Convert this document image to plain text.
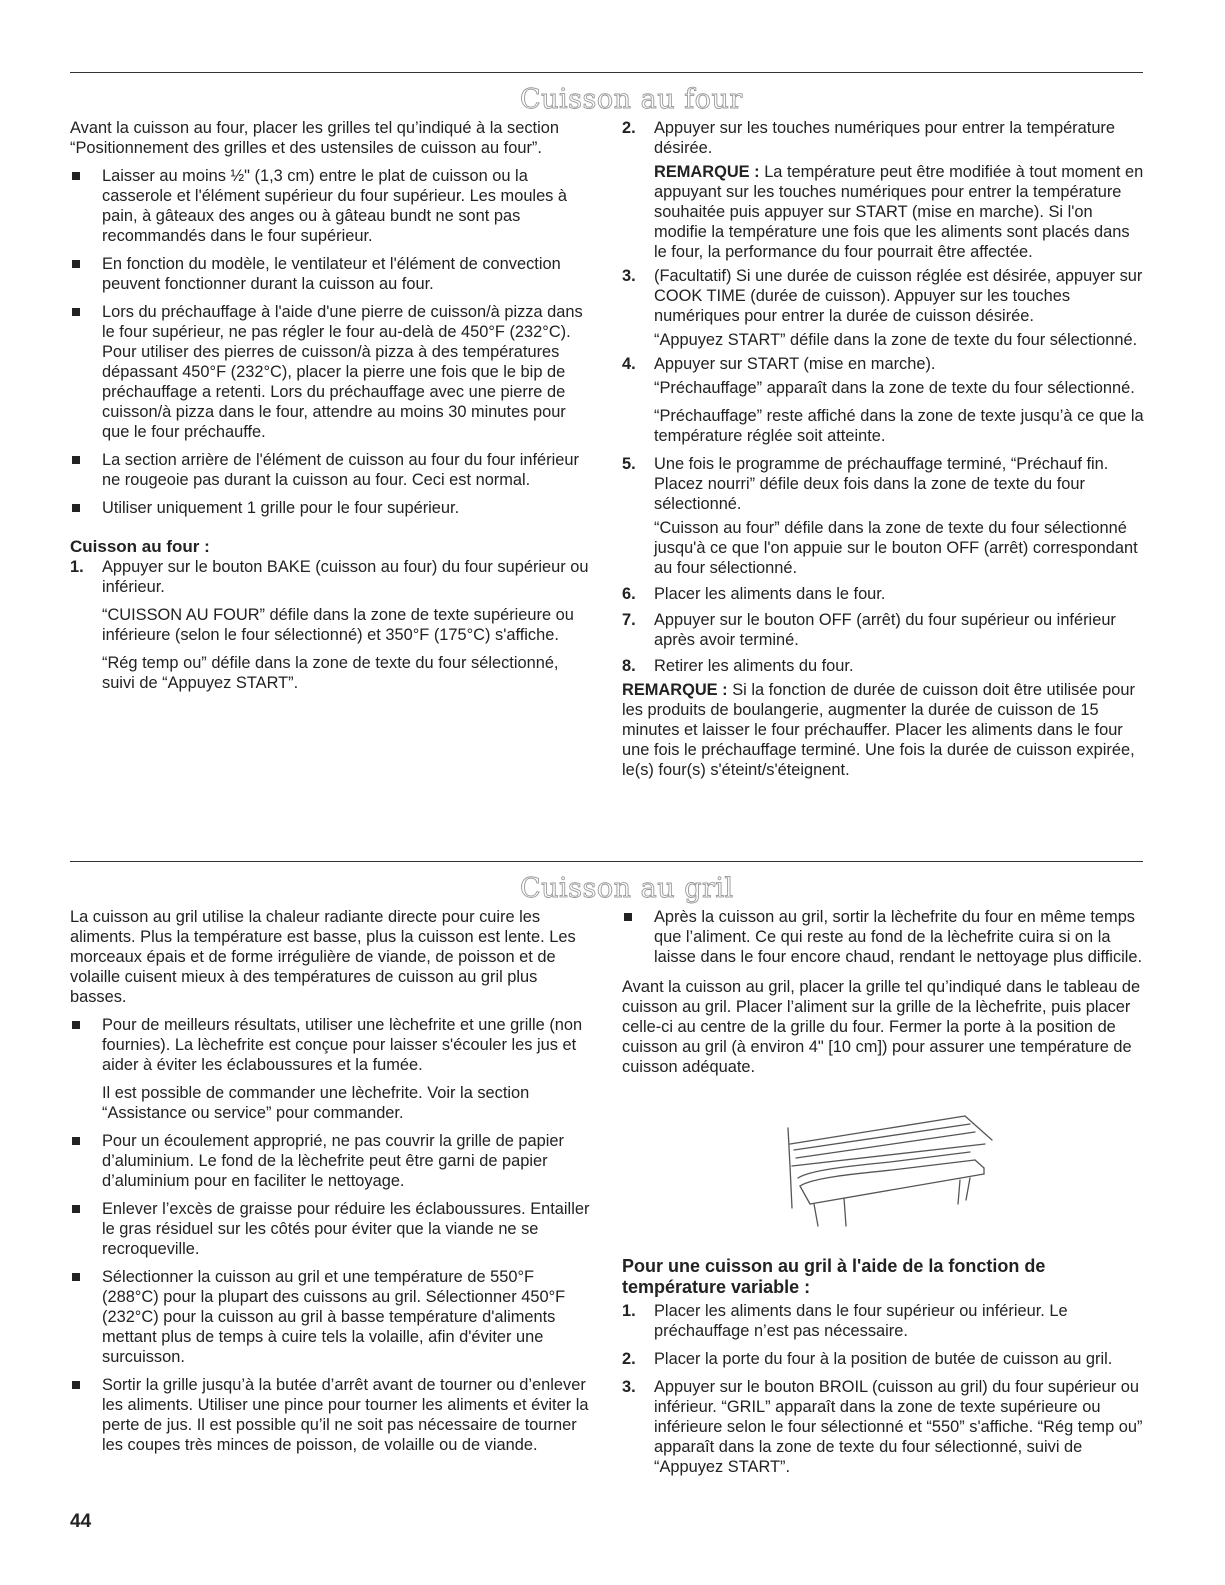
Cuisson au four

Avant la cuisson au four, placer les grilles tel qu’indiqué à la section “Positionnement des grilles et des ustensiles de cuisson au four”.

Laisser au moins ½" (1,3 cm) entre le plat de cuisson ou la casserole et l'élément supérieur du four supérieur. Les moules à pain, à gâteaux des anges ou à gâteau bundt ne sont pas recommandés dans le four supérieur.
En fonction du modèle, le ventilateur et l'élément de convection peuvent fonctionner durant la cuisson au four.
Lors du préchauffage à l'aide d'une pierre de cuisson/à pizza dans le four supérieur, ne pas régler le four au-delà de 450°F (232°C). Pour utiliser des pierres de cuisson/à pizza à des températures dépassant 450°F (232°C), placer la pierre une fois que le bip de préchauffage a retenti. Lors du préchauffage avec une pierre de cuisson/à pizza dans le four, attendre au moins 30 minutes pour que le four préchauffe.
La section arrière de l'élément de cuisson au four du four inférieur ne rougeoie pas durant la cuisson au four. Ceci est normal.
Utiliser uniquement 1 grille pour le four supérieur.
Cuisson au four :
1. Appuyer sur le bouton BAKE (cuisson au four) du four supérieur ou inférieur.

“CUISSON AU FOUR” défile dans la zone de texte supérieure ou inférieure (selon le four sélectionné) et 350°F (175°C) s'affiche.

“Rég temp ou” défile dans la zone de texte du four sélectionné, suivi de “Appuyez START”.

2. Appuyer sur les touches numériques pour entrer la température désirée.

REMARQUE : La température peut être modifiée à tout moment en appuyant sur les touches numériques pour entrer la température souhaitée puis appuyer sur START (mise en marche). Si l'on modifie la température une fois que les aliments sont placés dans le four, la performance du four pourrait être affectée.

3. (Facultatif) Si une durée de cuisson réglée est désirée, appuyer sur COOK TIME (durée de cuisson). Appuyer sur les touches numériques pour entrer la durée de cuisson désirée.

“Appuyez START” défile dans la zone de texte du four sélectionné.

4. Appuyer sur START (mise en marche).

“Préchauffage” apparaît dans la zone de texte du four sélectionné.

“Préchauffage” reste affiché dans la zone de texte jusqu’à ce que la température réglée soit atteinte.

5. Une fois le programme de préchauffage terminé, “Préchauf fin. Placez nourri” défile deux fois dans la zone de texte du four sélectionné.

“Cuisson au four” défile dans la zone de texte du four sélectionné jusqu'à ce que l'on appuie sur le bouton OFF (arrêt) correspondant au four sélectionné.

6. Placer les aliments dans le four.
7. Appuyer sur le bouton OFF (arrêt) du four supérieur ou inférieur après avoir terminé.
8. Retirer les aliments du four.

REMARQUE : Si la fonction de durée de cuisson doit être utilisée pour les produits de boulangerie, augmenter la durée de cuisson de 15 minutes et laisser le four préchauffer. Placer les aliments dans le four une fois le préchauffage terminé. Une fois la durée de cuisson expirée, le(s) four(s) s'éteint/s'éteignent.

Cuisson au gril

La cuisson au gril utilise la chaleur radiante directe pour cuire les aliments. Plus la température est basse, plus la cuisson est lente. Les morceaux épais et de forme irrégulière de viande, de poisson et de volaille cuisent mieux à des températures de cuisson au gril plus basses.

Pour de meilleurs résultats, utiliser une lèchefrite et une grille (non fournies). La lèchefrite est conçue pour laisser s'écouler les jus et aider à éviter les éclaboussures et la fumée.

Il est possible de commander une lèchefrite. Voir la section “Assistance ou service” pour commander.

Pour un écoulement approprié, ne pas couvrir la grille de papier d’aluminium. Le fond de la lèchefrite peut être garni de papier d’aluminium pour en faciliter le nettoyage.
Enlever l’excès de graisse pour réduire les éclaboussures. Entailler le gras résiduel sur les côtés pour éviter que la viande ne se recroqueville.
Sélectionner la cuisson au gril et une température de 550°F (288°C) pour la plupart des cuissons au gril. Sélectionner 450°F (232°C) pour la cuisson au gril à basse température d'aliments mettant plus de temps à cuire tels la volaille, afin d'éviter une surcuisson.
Sortir la grille jusqu’à la butée d’arrêt avant de tourner ou d’enlever les aliments. Utiliser une pince pour tourner les aliments et éviter la perte de jus. Il est possible qu’il ne soit pas nécessaire de tourner les coupes très minces de poisson, de volaille ou de viande.
Après la cuisson au gril, sortir la lèchefrite du four en même temps que l’aliment. Ce qui reste au fond de la lèchefrite cuira si on la laisse dans le four encore chaud, rendant le nettoyage plus difficile.

Avant la cuisson au gril, placer la grille tel qu’indiqué dans le tableau de cuisson au gril. Placer l’aliment sur la grille de la lèchefrite, puis placer celle-ci au centre de la grille du four. Fermer la porte à la position de cuisson au gril (à environ 4" [10 cm]) pour assurer une température de cuisson adéquate.

Pour une cuisson au gril à l'aide de la fonction de température variable :
1. Placer les aliments dans le four supérieur ou inférieur. Le préchauffage n’est pas nécessaire.
2. Placer la porte du four à la position de butée de cuisson au gril.
3. Appuyer sur le bouton BROIL (cuisson au gril) du four supérieur ou inférieur. “GRIL” apparaît dans la zone de texte supérieure ou inférieure selon le four sélectionné et “550” s'affiche. “Rég temp ou” apparaît dans la zone de texte du four sélectionné, suivi de “Appuyez START”.
44
